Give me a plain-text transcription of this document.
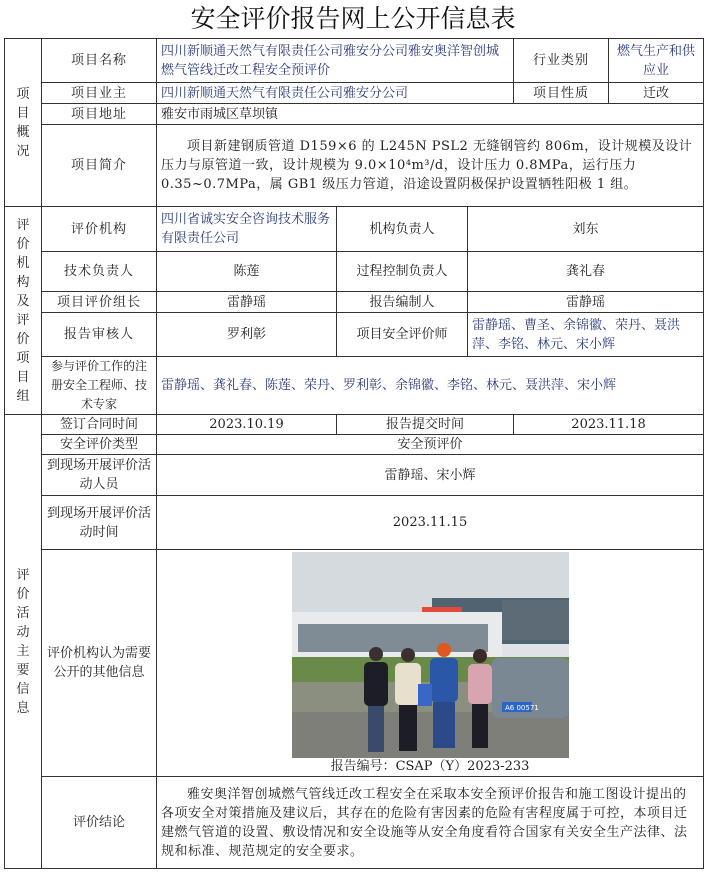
安全评价报告网上公开信息表
项目概况	项目名称	四川新顺通天然气有限责任公司雅安分公司雅安奥洋智创城燃气管线迁改工程安全预评价			行业类别	燃气生产和供应业
	项目业主	四川新顺通天然气有限责任公司雅安分公司			项目性质	迁改
	项目地址	雅安市雨城区草坝镇				
	项目简介	项目新建钢质管道 D159×6 的 L245N PSL2 无缝钢管约 806m，设计规模及设计压力与原管道一致，设计规模为 9.0×10⁴m³/d，设计压力 0.8MPa，运行压力 0.35~0.7MPa，属 GB1 级压力管道，沿途设置阴极保护设置牺牲阳极 1 组。				
评价机构及评价项目组	评价机构	四川省诚实安全咨询技术服务有限责任公司	机构负责人	刘东		
	技术负责人	陈莲	过程控制负责人	龚礼春		
	项目评价组长	雷静瑶	报告编制人	雷静瑶		
	报告审核人	罗利彰	项目安全评价师	雷静瑶、曹圣、余锦徽、荣丹、聂洪萍、李铭、林元、宋小辉		
	参与评价工作的注册安全工程师、技术专家	雷静瑶、龚礼春、陈莲、荣丹、罗利彰、余锦徽、李铭、林元、聂洪萍、宋小辉				

评价活动主要信息	签订合同时间	2023.10.19	报告提交时间		2023.11.18	
	安全评价类型	安全预评价				
	到现场开展评价活动人员	雷静瑶、宋小辉				
	到现场开展评价活动时间	2023.11.15				
	评价机构认为需要公开的其他信息	A6 00571
报告编号：CSAP（Y）2023-233				

	评价结论	雅安奥洋智创城燃气管线迁改工程安全在采取本安全预评价报告和施工图设计提出的各项安全对策措施及建议后，其存在的危险有害因素的危险有害程度属于可控，本项目迁建燃气管道的设置、敷设情况和安全设施等从安全角度看符合国家有关安全生产法律、法规和标准、规范规定的安全要求。				
